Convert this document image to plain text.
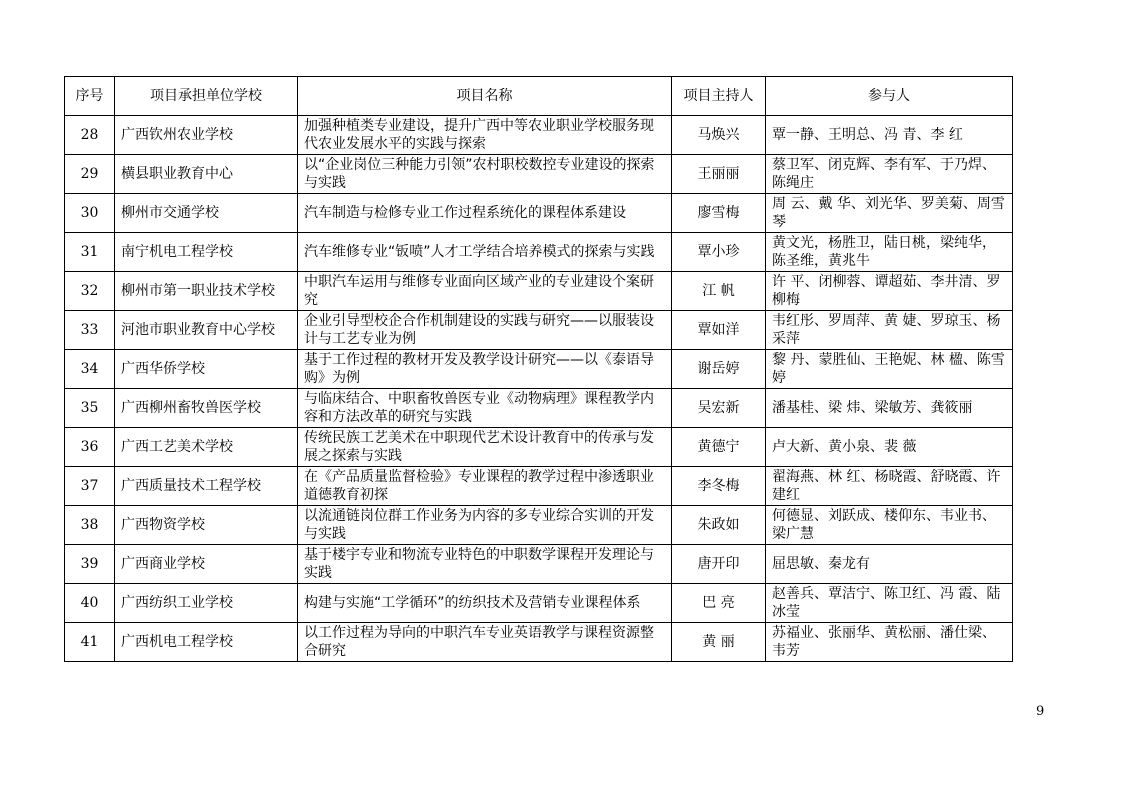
序号	项目承担单位学校	项目名称	项目主持人	参与人
28	广西钦州农业学校	加强种植类专业建设，提升广西中等农业职业学校服务现代农业发展水平的实践与探索	马焕兴	覃一静、王明总、冯 青、李 红
29	横县职业教育中心	以“企业岗位三种能力引领”农村职校数控专业建设的探索与实践	王丽丽	蔡卫军、闭克辉、李有军、于乃焊、陈绳庄
30	柳州市交通学校	汽车制造与检修专业工作过程系统化的课程体系建设	廖雪梅	周 云、戴 华、刘光华、罗美菊、周雪琴
31	南宁机电工程学校	汽车维修专业“钣喷”人才工学结合培养模式的探索与实践	覃小珍	黄文光，杨胜卫，陆日桃，梁纯华，陈圣维，黄兆牛
32	柳州市第一职业技术学校	中职汽车运用与维修专业面向区域产业的专业建设个案研究	江 帆	许 平、闭柳蓉、谭超茹、李井清、罗柳梅
33	河池市职业教育中心学校	企业引导型校企合作机制建设的实践与研究——以服装设计与工艺专业为例	覃如洋	韦红彤、罗周萍、黄 婕、罗琼玉、杨采萍
34	广西华侨学校	基于工作过程的教材开发及教学设计研究——以《泰语导购》为例	谢岳婷	黎 丹、蒙胜仙、王艳妮、林 楹、陈雪婷
35	广西柳州畜牧兽医学校	与临床结合、中职畜牧兽医专业《动物病理》课程教学内容和方法改革的研究与实践	吴宏新	潘基桂、梁 炜、梁敏芳、龚筱丽
36	广西工艺美术学校	传统民族工艺美术在中职现代艺术设计教育中的传承与发展之探索与实践	黄德宁	卢大新、黄小泉、裴 薇
37	广西质量技术工程学校	在《产品质量监督检验》专业课程的教学过程中渗透职业道德教育初探	李冬梅	翟海燕、林 红、杨晓霞、舒晓霞、许建红
38	广西物资学校	以流通链岗位群工作业务为内容的多专业综合实训的开发与实践	朱政如	何德显、刘跃成、楼仰东、韦业书、梁广慧
39	广西商业学校	基于楼宇专业和物流专业特色的中职数学课程开发理论与实践	唐开印	屈思敏、秦龙有
40	广西纺织工业学校	构建与实施“工学循环”的纺织技术及营销专业课程体系	巴 亮	赵善兵、覃洁宁、陈卫红、冯 霞、陆冰莹
41	广西机电工程学校	以工作过程为导向的中职汽车专业英语教学与课程资源整合研究	黄 丽	苏福业、张丽华、黄松丽、潘仕梁、韦芳
9
